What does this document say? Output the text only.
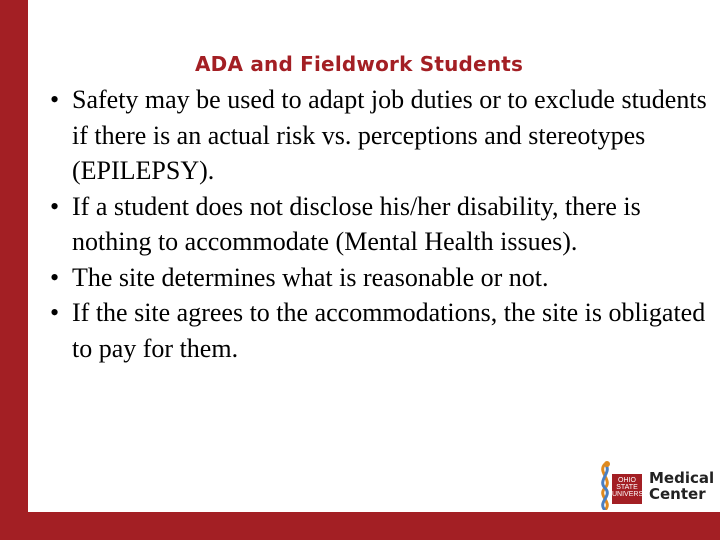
ADA and Fieldwork Students
• Safety may be used to adapt job duties or to exclude students if there is an actual risk vs. perceptions and stereotypes (EPILEPSY).
• If a student does not disclose his/her disability, there is nothing to accommodate (Mental Health issues).
• The site determines what is reasonable or not.
• If the site agrees to the accommodations, the site is obligated to pay for them.
OHIO STATE UNIVERSITY
Medical
Center
